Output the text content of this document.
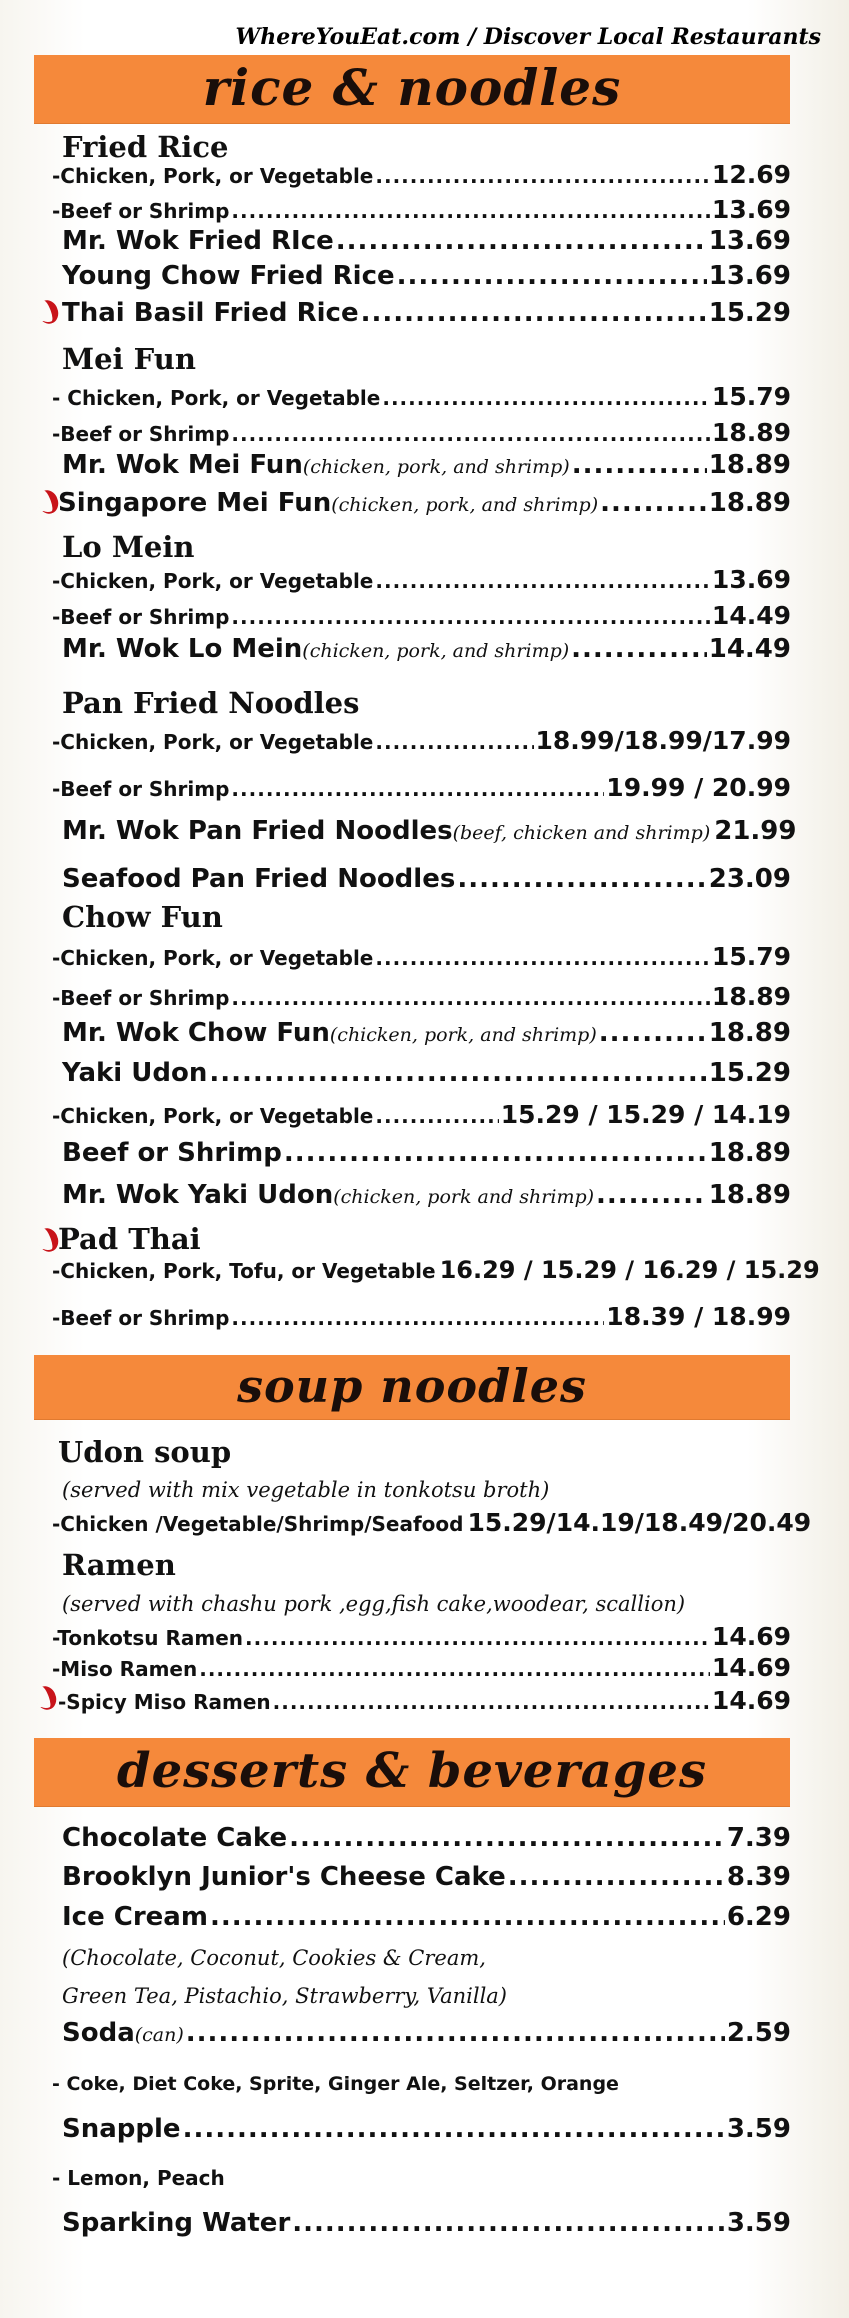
WhereYouEat.com / Discover Local Restaurants
rice & noodles
Fried Rice
-Chicken, Pork, or Vegetable .....	12.69
-Beef or Shrimp .....	13.69
Mr. Wok Fried RIce .....	13.69
Young Chow Fried Rice .....	13.69
Thai Basil Fried Rice .....	15.29
Mei Fun
- Chicken, Pork, or Vegetable .....	15.79
-Beef or Shrimp .....	18.89
Mr. Wok Mei Fun (chicken, pork, and shrimp) .....	18.89
Singapore Mei Fun (chicken, pork, and shrimp) .....	18.89
Lo Mein
-Chicken, Pork, or Vegetable .....	13.69
-Beef or Shrimp .....	14.49
Mr. Wok Lo Mein (chicken, pork, and shrimp) .....	14.49
Pan Fried Noodles
-Chicken, Pork, or Vegetable .....	18.99/18.99/17.99
-Beef or Shrimp .....	19.99 / 20.99
Mr. Wok Pan Fried Noodles (beef, chicken and shrimp) 21.99
Seafood Pan Fried Noodles .....	23.09
Chow Fun
-Chicken, Pork, or Vegetable .....	15.79
-Beef or Shrimp .....	18.89
Mr. Wok Chow Fun (chicken, pork, and shrimp) .....	18.89
Yaki Udon .....	15.29
-Chicken, Pork, or Vegetable .....	15.29 / 15.29 / 14.19
Beef or Shrimp .....	18.89
Mr. Wok Yaki Udon (chicken, pork and shrimp) .....	18.89
Pad Thai
-Chicken, Pork, Tofu, or Vegetable 16.29 / 15.29 / 16.29 / 15.29
-Beef or Shrimp .....	18.39 / 18.99
soup noodles
Udon soup
(served with mix vegetable in tonkotsu broth)
-Chicken /Vegetable/Shrimp/Seafood 15.29/14.19/18.49/20.49
Ramen
(served with chashu pork ,egg,fish cake,woodear, scallion)
-Tonkotsu Ramen .....	14.69
-Miso Ramen .....	14.69
-Spicy Miso Ramen .....	14.69
desserts & beverages
Chocolate Cake .....	7.39
Brooklyn Junior's Cheese Cake .....	8.39
Ice Cream .....	6.29
(Chocolate, Coconut, Cookies & Cream,
Green Tea, Pistachio, Strawberry, Vanilla)
Soda (can) .....	2.59
- Coke, Diet Coke, Sprite, Ginger Ale, Seltzer, Orange
Snapple .....	3.59
- Lemon, Peach
Sparking Water .....	3.59
